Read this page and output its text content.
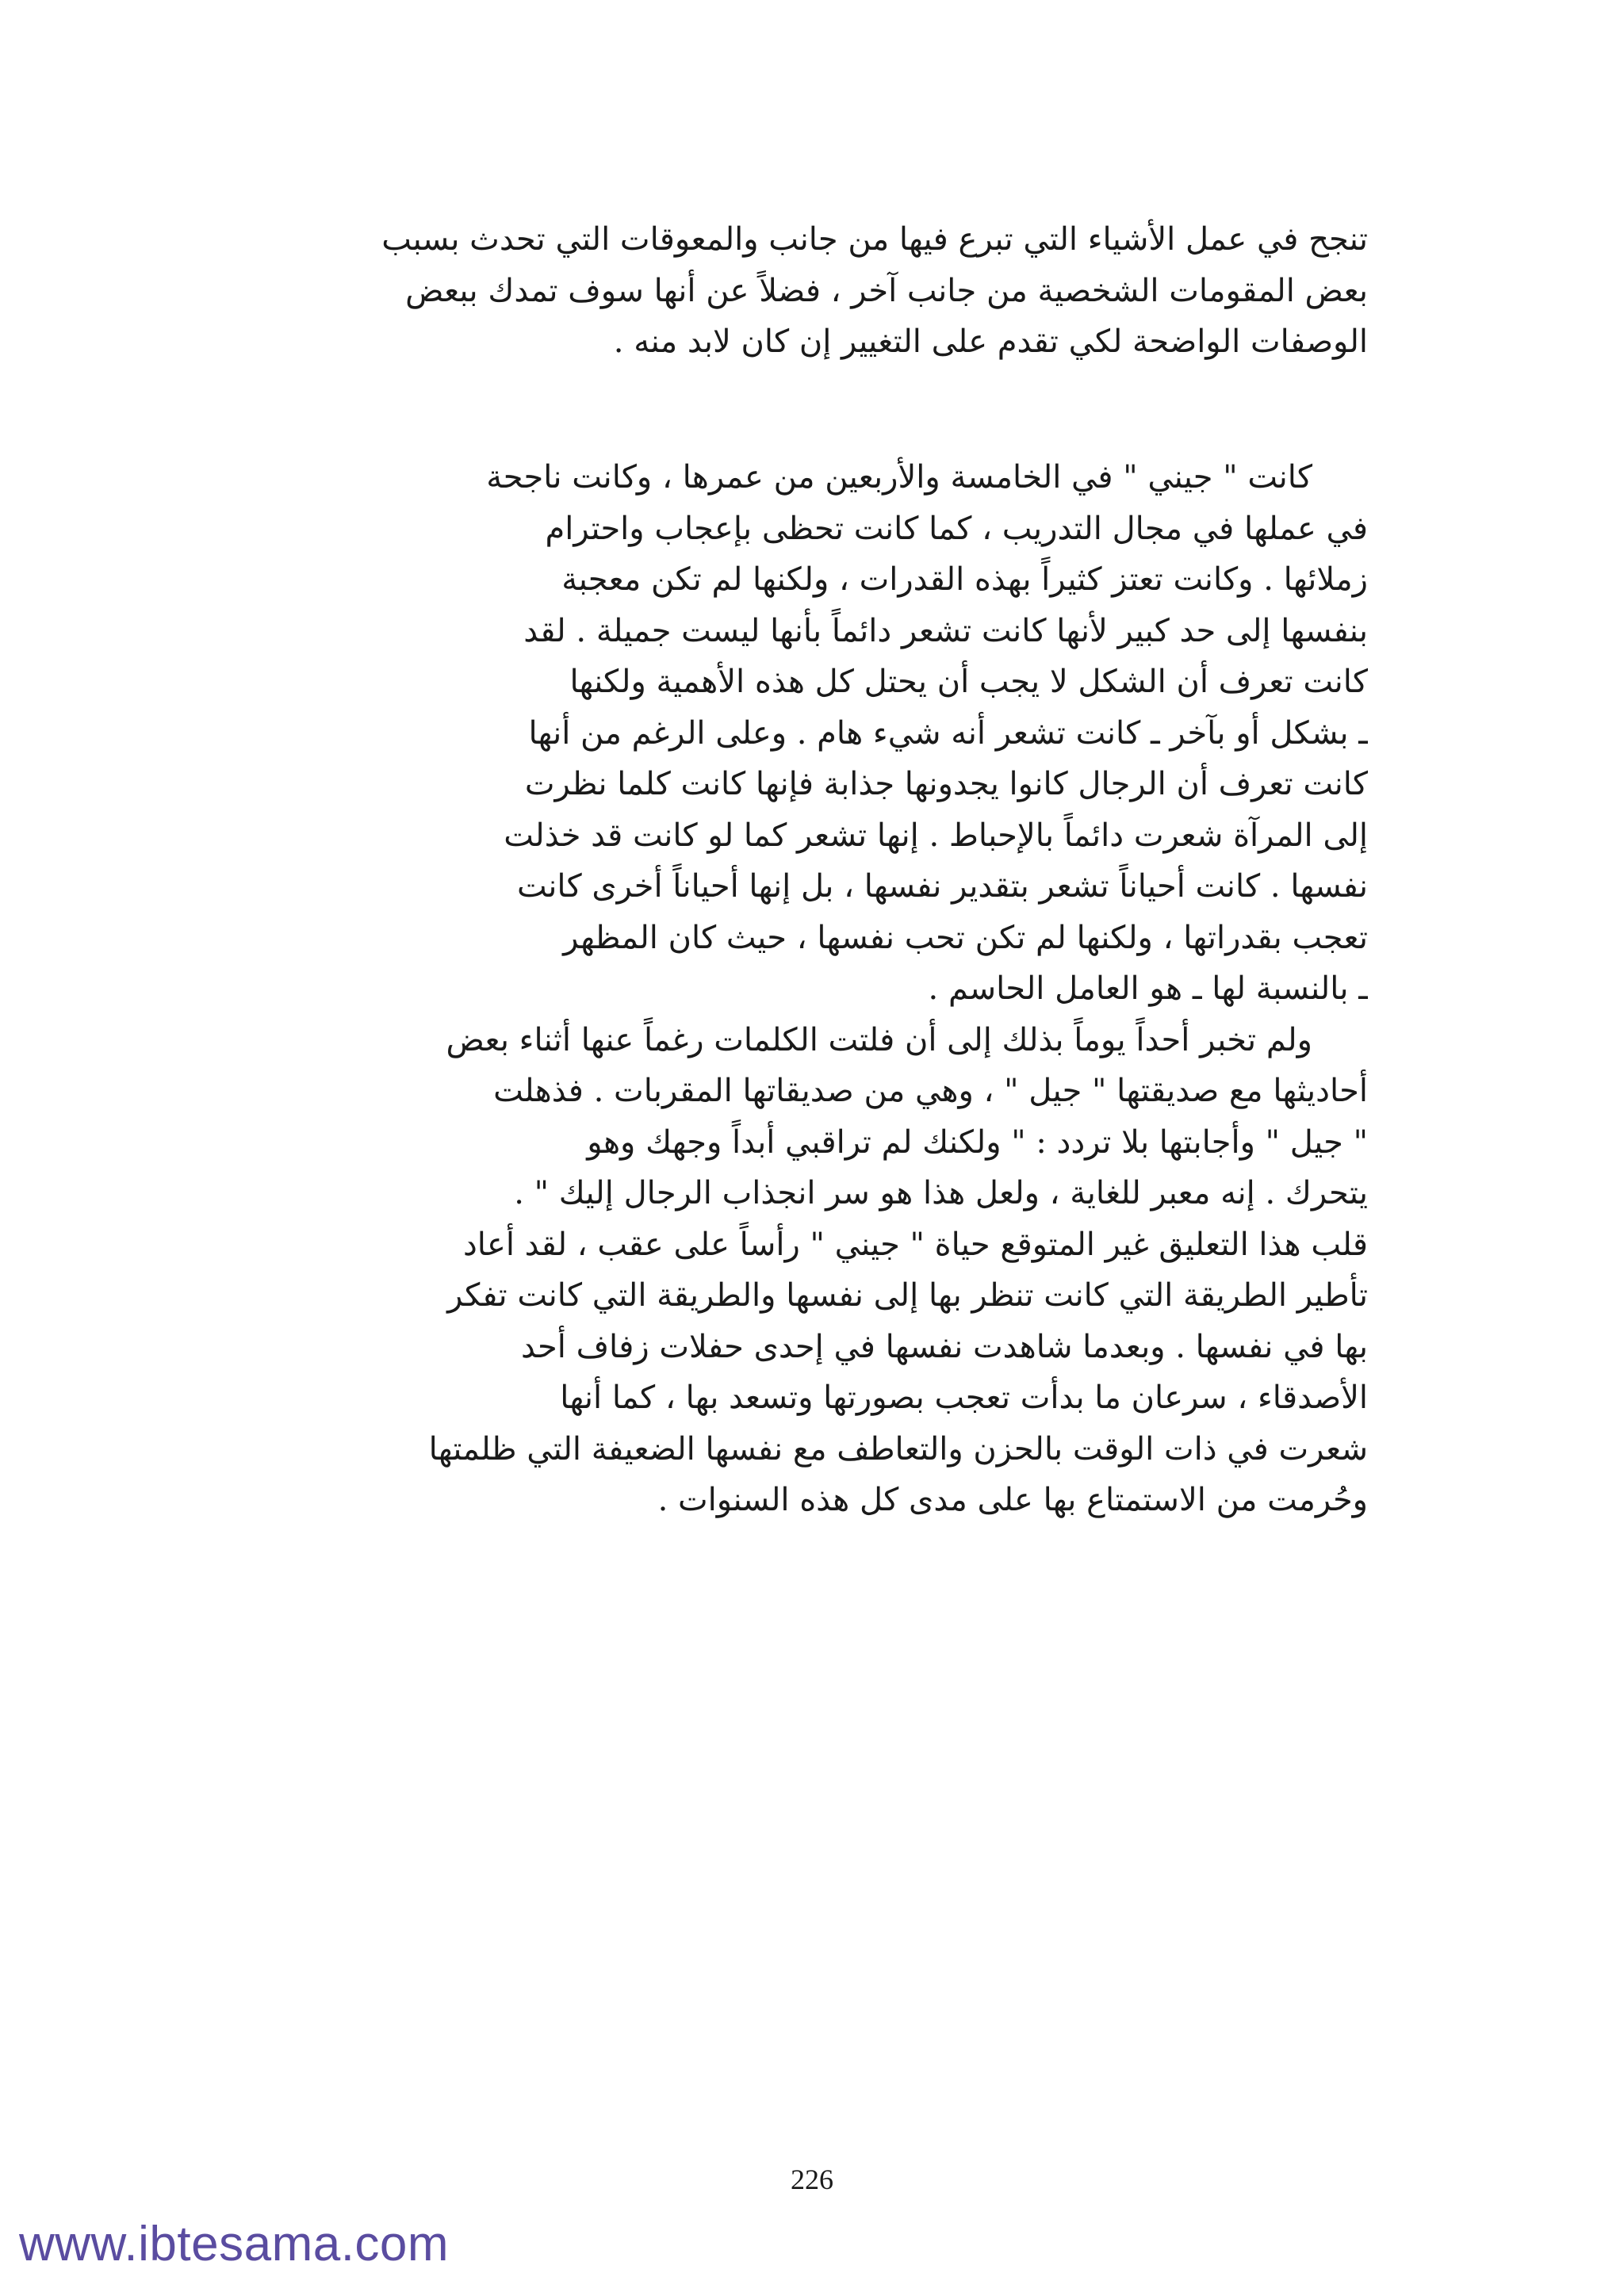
تنجح في عمل الأشياء التي تبرع فيها من جانب والمعوقات التي تحدث بسبب
بعض المقومات الشخصية من جانب آخر ، فضلاً عن أنها سوف تمدك ببعض
الوصفات الواضحة لكي تقدم على التغيير إن كان لابد منه .
كانت " جيني " في الخامسة والأربعين من عمرها ، وكانت ناجحة
في عملها في مجال التدريب ، كما كانت تحظى بإعجاب واحترام
زملائها . وكانت تعتز كثيراً بهذه القدرات ، ولكنها لم تكن معجبة
بنفسها إلى حد كبير لأنها كانت تشعر دائماً بأنها ليست جميلة . لقد
كانت تعرف أن الشكل لا يجب أن يحتل كل هذه الأهمية ولكنها
ـ بشكل أو بآخر ـ كانت تشعر أنه شيء هام . وعلى الرغم من أنها
كانت تعرف أن الرجال كانوا يجدونها جذابة فإنها كانت كلما نظرت
إلى المرآة شعرت دائماً بالإحباط . إنها تشعر كما لو كانت قد خذلت
نفسها . كانت أحياناً تشعر بتقدير نفسها ، بل إنها أحياناً أخرى كانت
تعجب بقدراتها ، ولكنها لم تكن تحب نفسها ، حيث كان المظهر
ـ بالنسبة لها ـ هو العامل الحاسم .
ولم تخبر أحداً يوماً بذلك إلى أن فلتت الكلمات رغماً عنها أثناء بعض
أحاديثها مع صديقتها " جيل " ، وهي من صديقاتها المقربات . فذهلت
" جيل " وأجابتها بلا تردد : " ولكنك لم تراقبي أبداً وجهك وهو
يتحرك . إنه معبر للغاية ، ولعل هذا هو سر انجذاب الرجال إليك " .
قلب هذا التعليق غير المتوقع حياة " جيني " رأساً على عقب ، لقد أعاد
تأطير الطريقة التي كانت تنظر بها إلى نفسها والطريقة التي كانت تفكر
بها في نفسها . وبعدما شاهدت نفسها في إحدى حفلات زفاف أحد
الأصدقاء ، سرعان ما بدأت تعجب بصورتها وتسعد بها ، كما أنها
شعرت في ذات الوقت بالحزن والتعاطف مع نفسها الضعيفة التي ظلمتها
وحُرمت من الاستمتاع بها على مدى كل هذه السنوات .
226
www.ibtesama.com
